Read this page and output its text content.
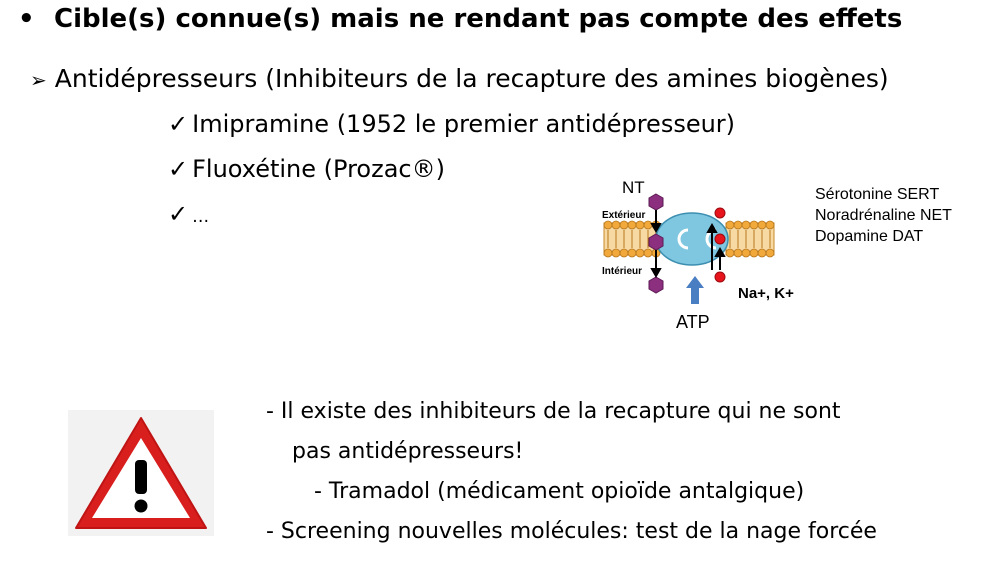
• Cible(s) connue(s) mais ne rendant pas compte des effets
➢ Antidépresseurs (Inhibiteurs de la recapture des amines biogènes)
✓ Imipramine (1952 le premier antidépresseur)
✓ Fluoxétine (Prozac®)
✓ …
NT
Extérieur
Intérieur
Na+, K+
ATP
Sérotonine SERT
Noradrénaline NET
Dopamine DAT
- Il existe des inhibiteurs de la recapture qui ne sont
pas antidépresseurs!
- Tramadol (médicament opioïde antalgique)
- Screening nouvelles molécules: test de la nage forcée
